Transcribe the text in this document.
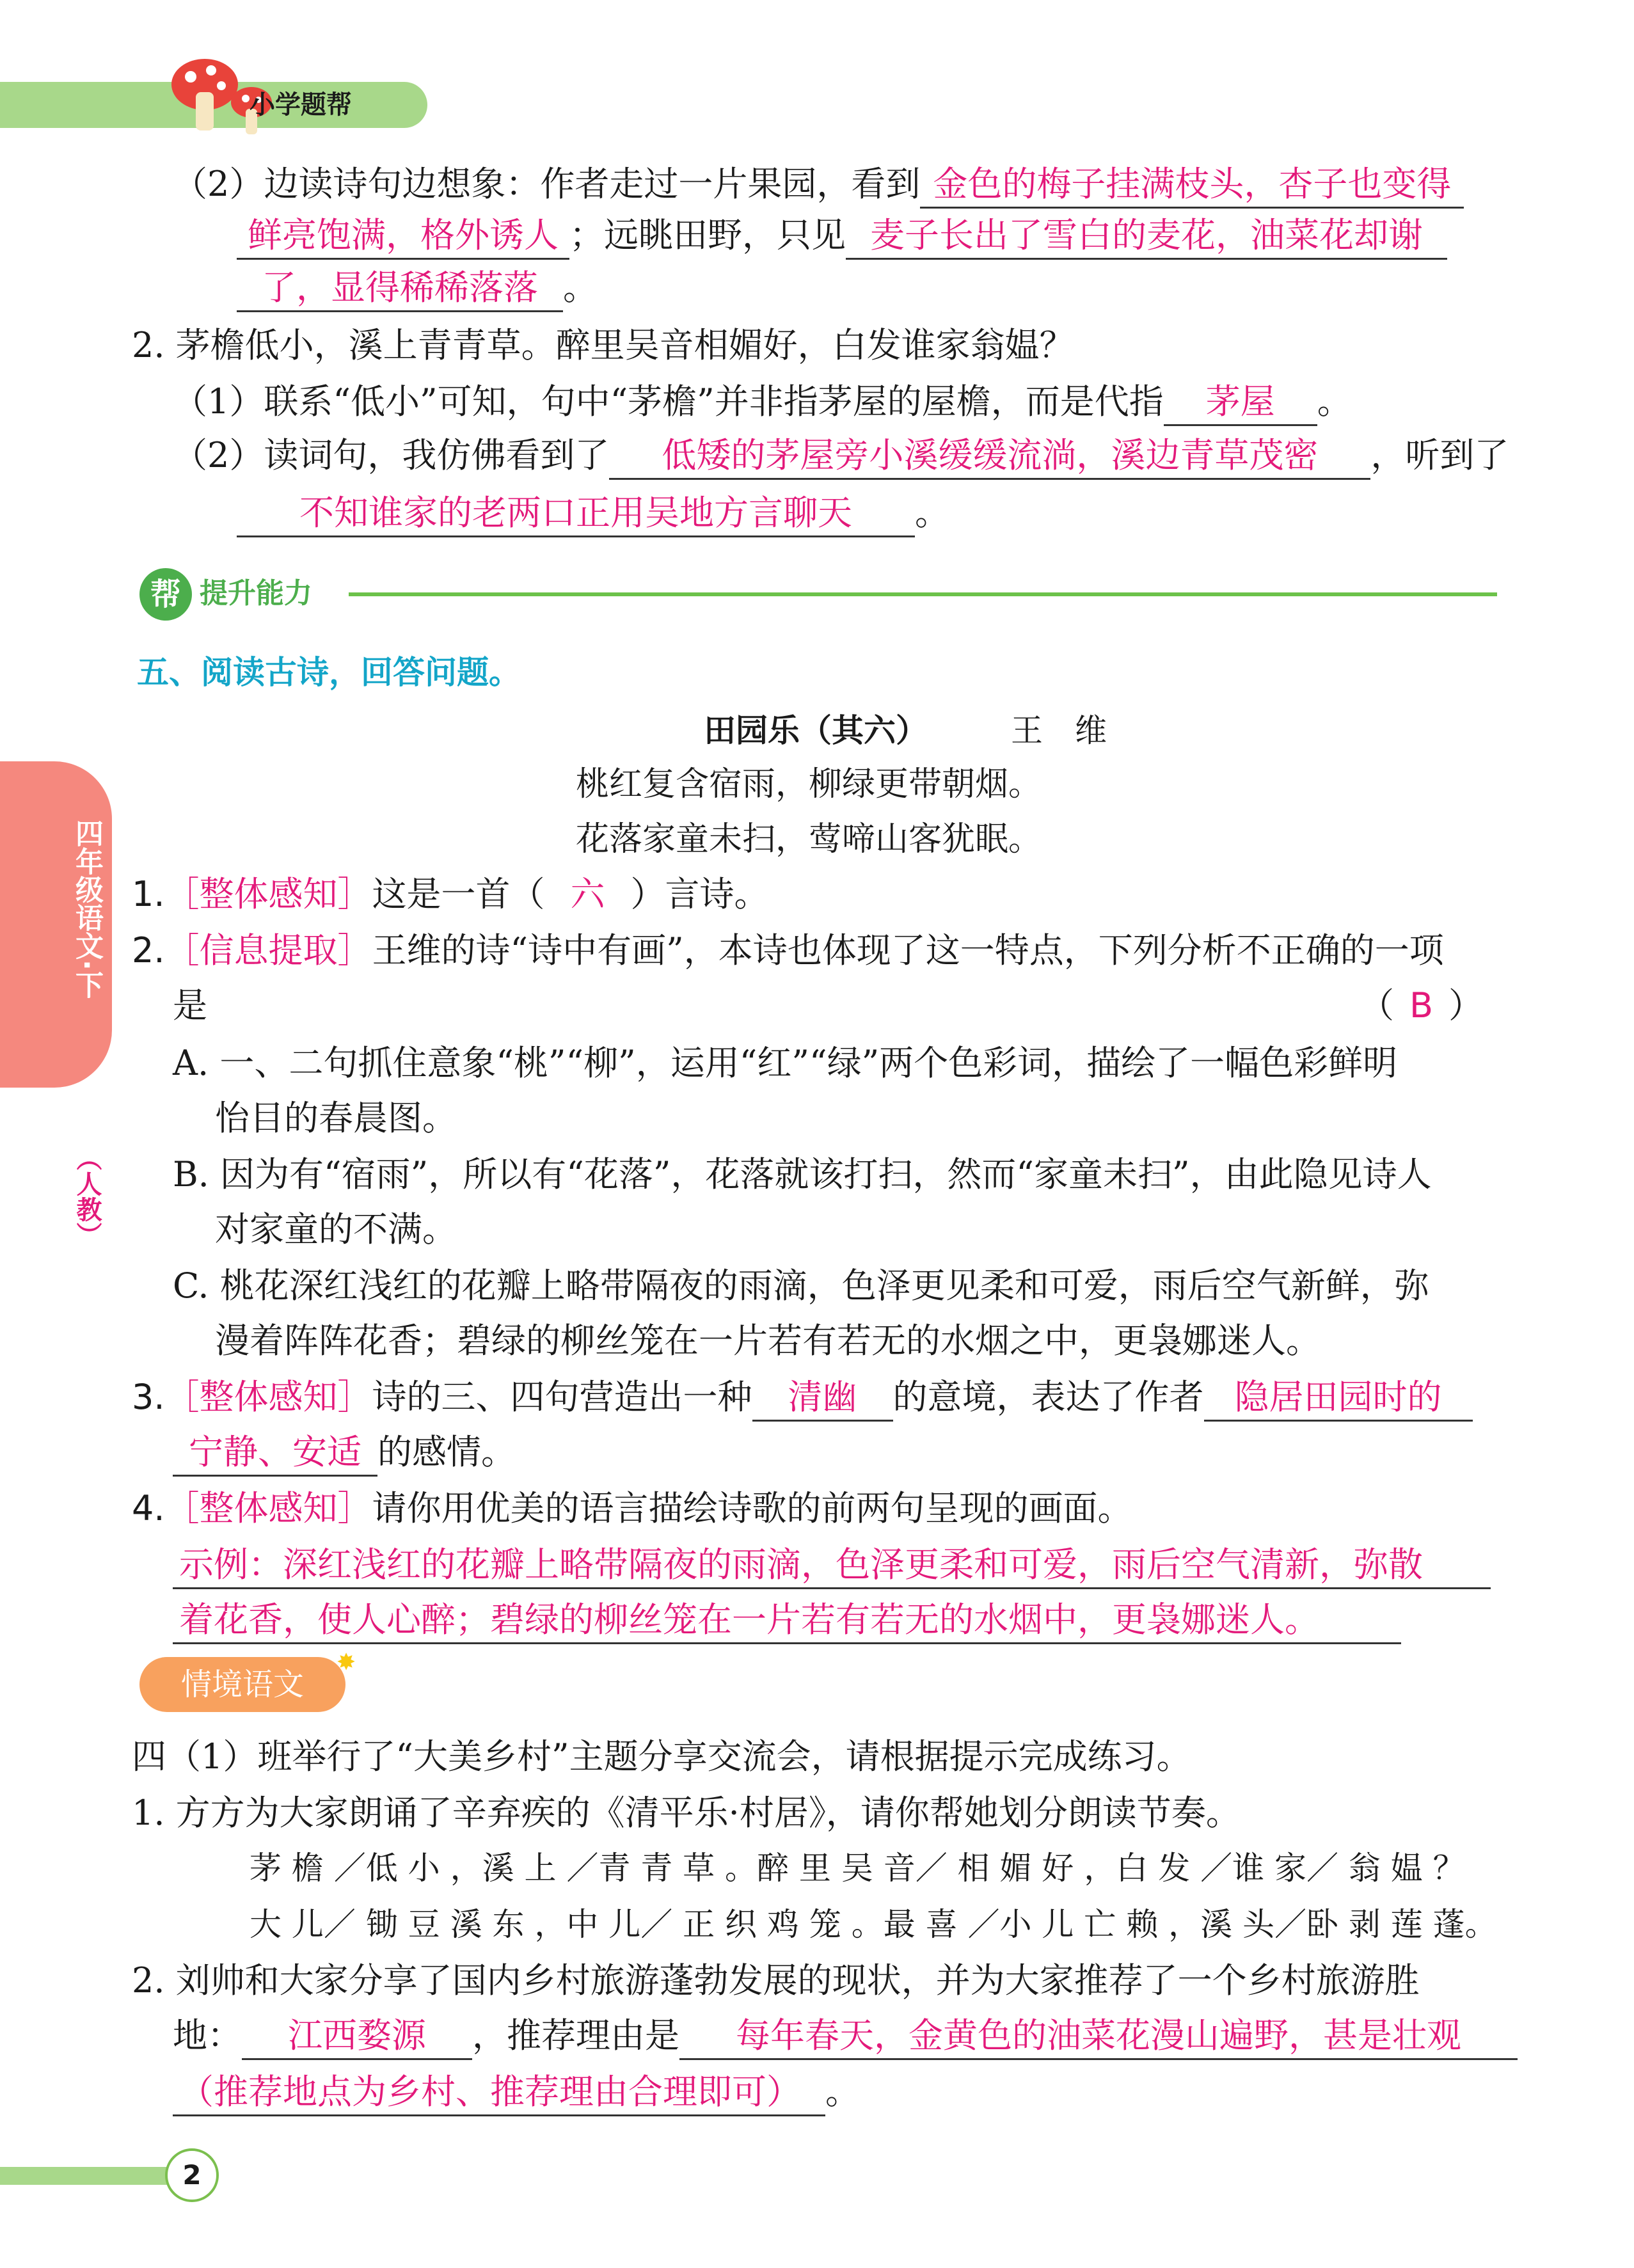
小学题帮
四年级语文·下
（人教）
（2）边读诗句边想象：作者走过一片果园，看到 金色的梅子挂满枝头，杏子也变得
鲜亮饱满，格外诱人 ；远眺田野，只见 麦子长出了雪白的麦花，油菜花却谢
了，显得稀稀落落 。
2. 茅檐低小，溪上青青草。醉里吴音相媚好，白发谁家翁媪？
（1）联系“低小”可知，句中“茅檐”并非指茅屋的屋檐，而是代指 茅屋 。
（2）读词句，我仿佛看到了 低矮的茅屋旁小溪缓缓流淌，溪边青草茂密 ，听到了
不知谁家的老两口正用吴地方言聊天 。
帮 提升能力
五、阅读古诗，回答问题。
田园乐（其六）	王　维
桃红复含宿雨，柳绿更带朝烟。
花落家童未扫，莺啼山客犹眠。
1.［整体感知］这是一首（ 六 ）言诗。
2.［信息提取］王维的诗“诗中有画”，本诗也体现了这一特点，下列分析不正确的一项
是	（ B ）
A. 一、二句抓住意象“桃”“柳”，运用“红”“绿”两个色彩词，描绘了一幅色彩鲜明
怡目的春晨图。
B. 因为有“宿雨”，所以有“花落”，花落就该打扫，然而“家童未扫”，由此隐见诗人
对家童的不满。
C. 桃花深红浅红的花瓣上略带隔夜的雨滴，色泽更见柔和可爱，雨后空气新鲜，弥
漫着阵阵花香；碧绿的柳丝笼在一片若有若无的水烟之中，更袅娜迷人。
3.［整体感知］诗的三、四句营造出一种 清幽 的意境，表达了作者 隐居田园时的
宁静、安适 的感情。
4.［整体感知］请你用优美的语言描绘诗歌的前两句呈现的画面。
示例：深红浅红的花瓣上略带隔夜的雨滴，色泽更柔和可爱，雨后空气清新，弥散
着花香，使人心醉；碧绿的柳丝笼在一片若有若无的水烟中，更袅娜迷人。
情境语文
✸
四（1）班举行了“大美乡村”主题分享交流会，请根据提示完成练习。
1. 方方为大家朗诵了辛弃疾的《清平乐·村居》，请你帮她划分朗读节奏。
茅 檐 ／低 小 ，溪 上 ／青 青 草 。醉 里 吴 音／ 相 媚 好 ，白 发 ／谁 家／ 翁 媪 ？
大 儿／ 锄 豆 溪 东 ，中 儿／ 正 织 鸡 笼 。最 喜 ／小 儿 亡 赖 ，溪 头／卧 剥 莲 蓬。
2. 刘帅和大家分享了国内乡村旅游蓬勃发展的现状，并为大家推荐了一个乡村旅游胜
地： 江西婺源 ，推荐理由是 每年春天，金黄色的油菜花漫山遍野，甚是壮观
（推荐地点为乡村、推荐理由合理即可） 。
2
